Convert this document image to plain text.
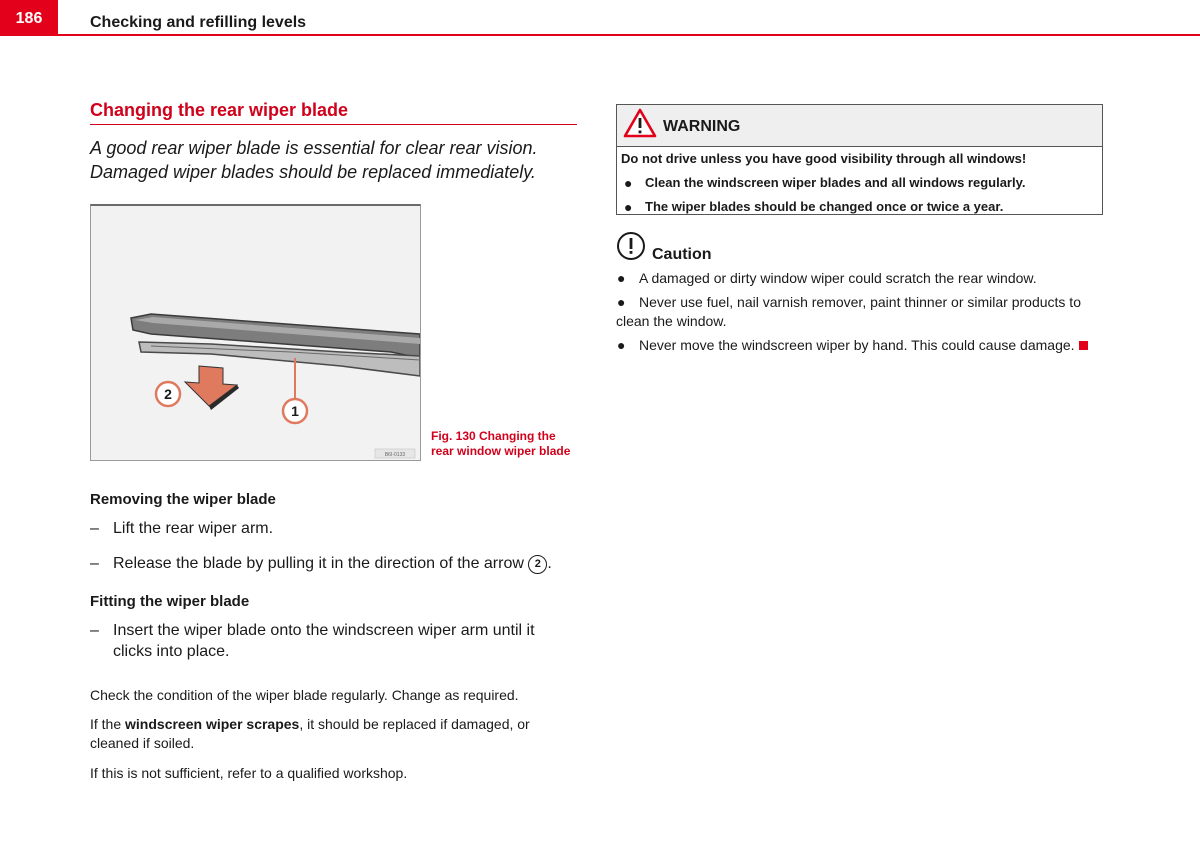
186	Checking and refilling levels
Changing the rear wiper blade
A good rear wiper blade is essential for clear rear vision.
Damaged wiper blades should be replaced immediately.
2
1
B6I-0133
Fig. 130 Changing the
rear window wiper blade
Removing the wiper blade
– Lift the rear wiper arm.
– Release the blade by pulling it in the direction of the arrow 2 .
Fitting the wiper blade
– Insert the wiper blade onto the windscreen wiper arm until it
clicks into place.
Check the condition of the wiper blade regularly. Change as required.
If the windscreen wiper scrapes, it should be replaced if damaged, or cleaned if soiled.
If this is not sufficient, refer to a qualified workshop.
WARNING
Do not drive unless you have good visibility through all windows!
● Clean the windscreen wiper blades and all windows regularly.
● The wiper blades should be changed once or twice a year.
Caution
● A damaged or dirty window wiper could scratch the rear window.
● Never use fuel, nail varnish remover, paint thinner or similar products to clean the window.
● Never move the windscreen wiper by hand. This could cause damage.
